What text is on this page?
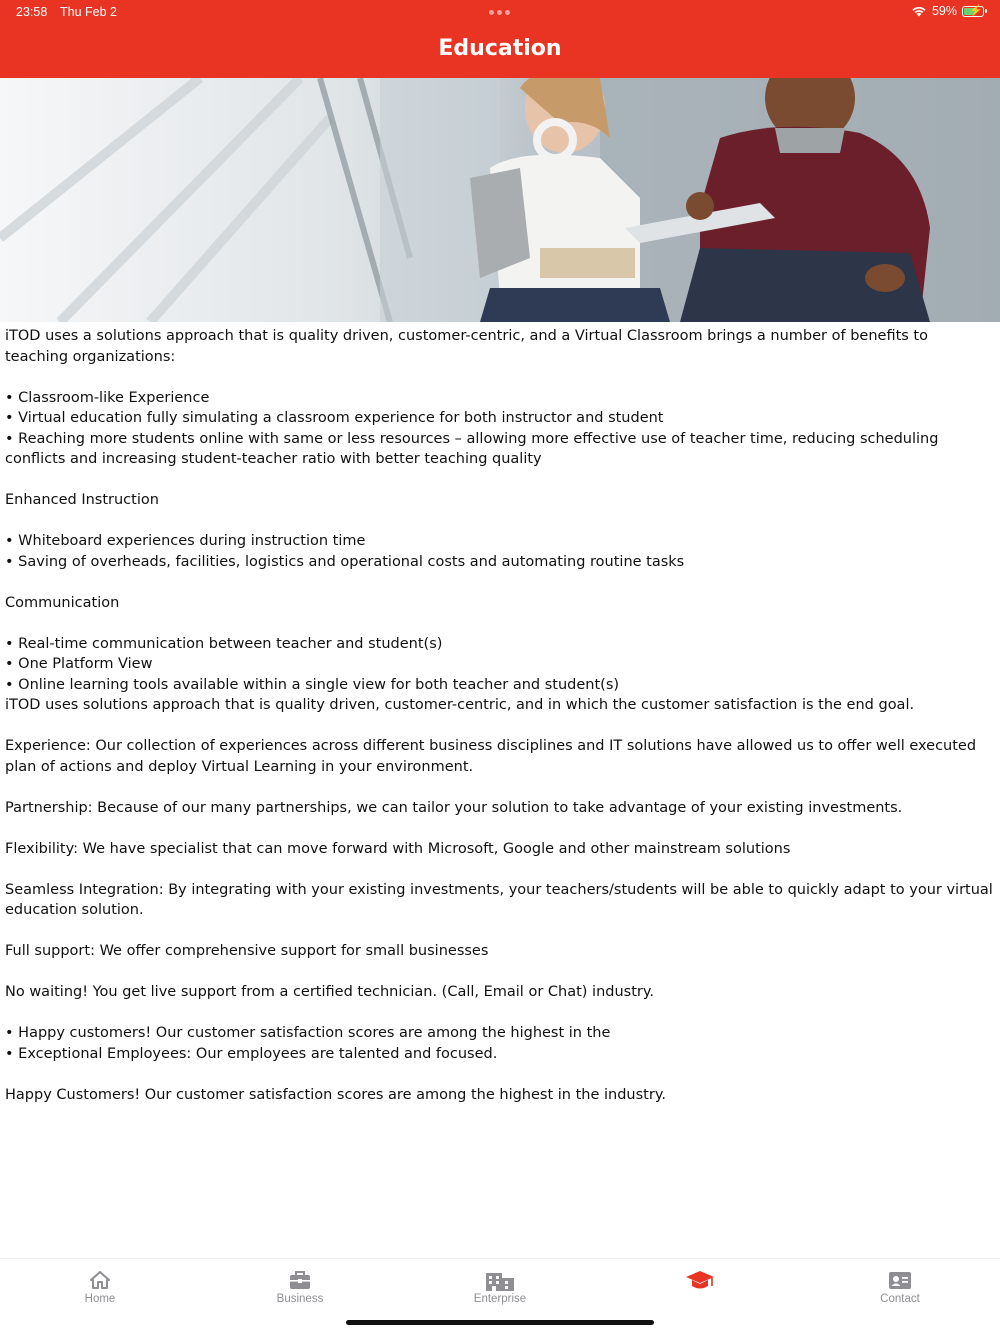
23:58 Thu Feb 2	59% ⚡
Education

iTOD uses a solutions approach that is quality driven, customer-centric, and a Virtual Classroom brings a number of benefits to teaching organizations:

• Classroom-like Experience

• Virtual education fully simulating a classroom experience for both instructor and student

• Reaching more students online with same or less resources – allowing more effective use of teacher time, reducing scheduling conflicts and increasing student-teacher ratio with better teaching quality

Enhanced Instruction

• Whiteboard experiences during instruction time

• Saving of overheads, facilities, logistics and operational costs and automating routine tasks

Communication

• Real-time communication between teacher and student(s)

• One Platform View

• Online learning tools available within a single view for both teacher and student(s)

iTOD uses solutions approach that is quality driven, customer-centric, and in which the customer satisfaction is the end goal.

Experience: Our collection of experiences across different business disciplines and IT solutions have allowed us to offer well executed plan of actions and deploy Virtual Learning in your environment.

Partnership: Because of our many partnerships, we can tailor your solution to take advantage of your existing investments.

Flexibility: We have specialist that can move forward with Microsoft, Google and other mainstream solutions

Seamless Integration: By integrating with your existing investments, your teachers/students will be able to quickly adapt to your virtual education solution.

Full support: We offer comprehensive support for small businesses

No waiting! You get live support from a certified technician. (Call, Email or Chat) industry.

• Happy customers! Our customer satisfaction scores are among the highest in the

• Exceptional Employees: Our employees are talented and focused.

Happy Customers! Our customer satisfaction scores are among the highest in the industry.

Home	Business	Enterprise	Contact
